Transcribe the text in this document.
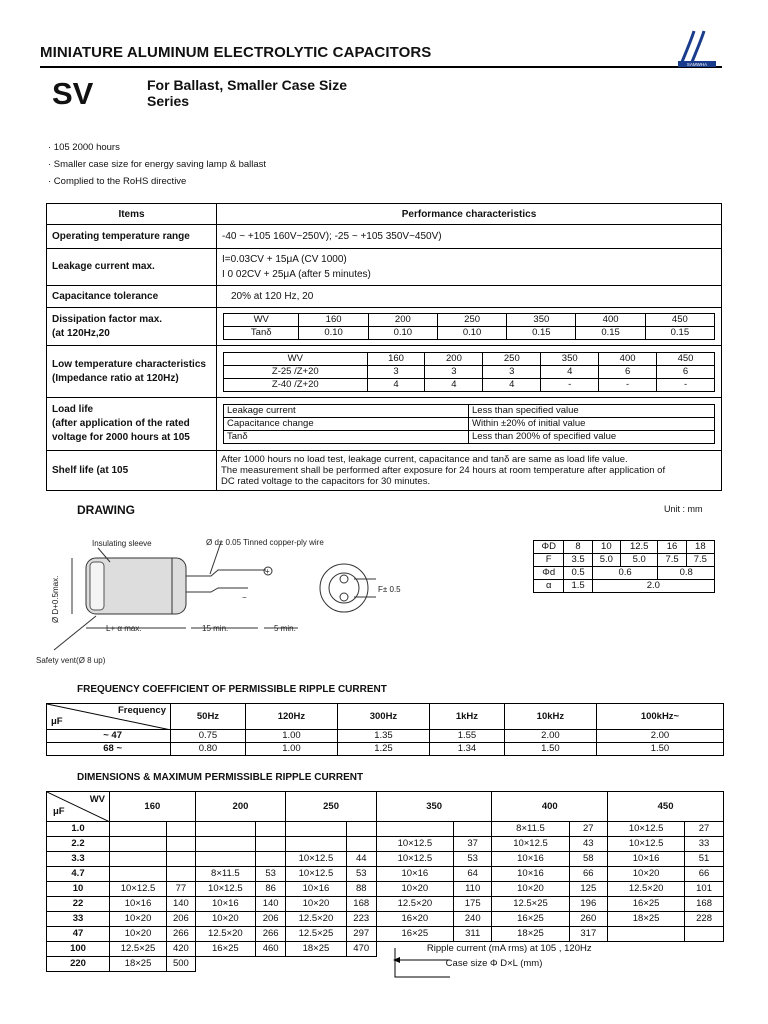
MINIATURE ALUMINUM ELECTROLYTIC CAPACITORS
SAMWHA
SV	For Ballast, Smaller Case Size
Series
· 105 2000 hours
· Smaller case size for energy saving lamp & ballast
· Complied to the RoHS directive
Items	Performance characteristics
Operating temperature range	-40 ~ +105 160V~250V); -25 ~ +105 350V~450V)
Leakage current max.	
I=0.03CV + 15μA (CV 1000)
I 0 02CV + 25μA (after 5 minutes)

Capacitance tolerance	20% at 120 Hz, 20

Dissipation factor max.
(at 120Hz,20

WV	160	200	250	350	400	450
Tanδ	0.10	0.10	0.10	0.15	0.15	0.15

Low temperature characteristics
(Impedance ratio at 120Hz)

WV	160	200	250	350	400	450
Z-25 /Z+20	3	3	3	4	6	6
Z-40 /Z+20	4	4	4	-	-	-

Load life
(after application of the rated
voltage for 2000 hours at 105

Leakage current	Less than specified value
Capacitance change	Within ±20% of initial value
Tanδ	Less than 200% of specified value

Shelf life (at 105	
After 1000 hours no load test, leakage current, capacitance and tanδ are same as load life value.
The measurement shall be performed after exposure for 24 hours at room temperature after application of
DC rated voltage to the capacitors for 30 minutes.
DRAWING	Unit : mm
+
−
Insulating sleeve	Ø d± 0.05 Tinned copper-ply wire
Ø D+0.5max.
L+ α max.	15 min.	5 min.
Safety vent(Ø 8 up)
F± 0.5
ΦD	8	10	12.5	16	18
F	3.5	5.0	5.0	7.5	7.5
Φd	0.5	0.6		0.8	
α	1.5	2.0			
FREQUENCY COEFFICIENT OF PERMISSIBLE RIPPLE CURRENT
Frequency
μF	50Hz	120Hz	300Hz	1kHz	10kHz	100kHz~
~ 47	0.75	1.00	1.35	1.55	2.00	2.00
68 ~	0.80	1.00	1.25	1.34	1.50	1.50
DIMENSIONS & MAXIMUM PERMISSIBLE RIPPLE CURRENT
WV
μF	160		200		250		350		400		450	
1.0									8×11.5	27	10×12.5	27
2.2							10×12.5	37	10×12.5	43	10×12.5	33
3.3					10×12.5	44	10×12.5	53	10×16	58	10×16	51
4.7			8×11.5	53	10×12.5	53	10×16	64	10×16	66	10×20	66
10	10×12.5	77	10×12.5	86	10×16	88	10×20	110	10×20	125	12.5×20	101
22	10×16	140	10×16	140	10×20	168	12.5×20	175	12.5×25	196	16×25	168
33	10×20	206	10×20	206	12.5×20	223	16×20	240	16×25	260	18×25	228
47	10×20	266	12.5×20	266	12.5×25	297	16×25	311	18×25	317		
100	12.5×25	420	16×25	460	18×25	470	Ripple current (mA rms) at 105 , 120Hz					
220	18×25	500	Case size Φ D×L (mm)									
